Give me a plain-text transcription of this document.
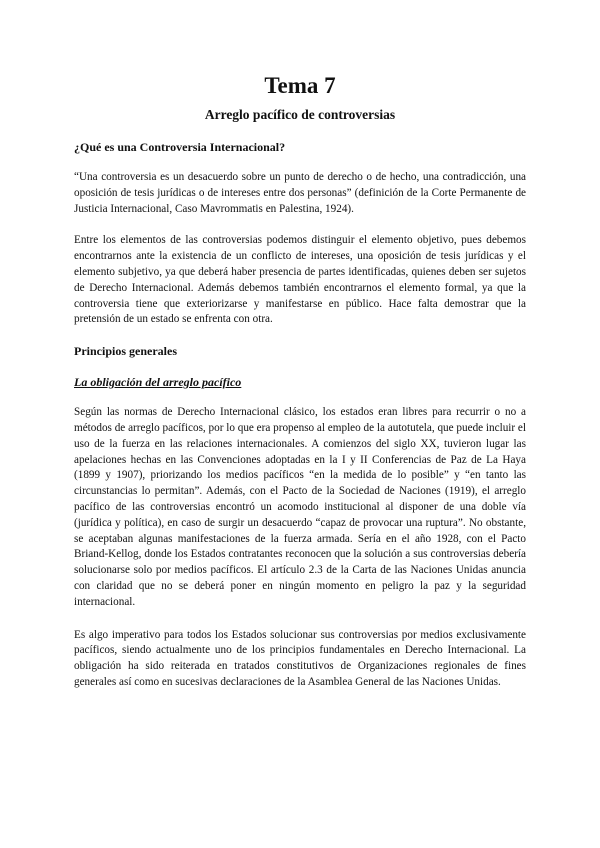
Tema 7
Arreglo pacífico de controversias
¿Qué es una Controversia Internacional?

“Una controversia es un desacuerdo sobre un punto de derecho o de hecho, una contradicción, una oposición de tesis jurídicas o de intereses entre dos personas” (definición de la Corte Permanente de Justicia Internacional, Caso Mavrommatis en Palestina, 1924).

Entre los elementos de las controversias podemos distinguir el elemento objetivo, pues debemos encontrarnos ante la existencia de un conflicto de intereses, una oposición de tesis jurídicas y el elemento subjetivo, ya que deberá haber presencia de partes identificadas, quienes deben ser sujetos de Derecho Internacional. Además debemos también encontrarnos el elemento formal, ya que la controversia tiene que exteriorizarse y manifestarse en público. Hace falta demostrar que la pretensión de un estado se enfrenta con otra.

Principios generales
La obligación del arreglo pacífico

Según las normas de Derecho Internacional clásico, los estados eran libres para recurrir o no a métodos de arreglo pacíficos, por lo que era propenso al empleo de la autotutela, que puede incluir el uso de la fuerza en las relaciones internacionales. A comienzos del siglo XX, tuvieron lugar las apelaciones hechas en las Convenciones adoptadas en la I y II Conferencias de Paz de La Haya (1899 y 1907), priorizando los medios pacíficos “en la medida de lo posible” y “en tanto las circunstancias lo permitan”. Además, con el Pacto de la Sociedad de Naciones (1919), el arreglo pacífico de las controversias encontró un acomodo institucional al disponer de una doble vía (jurídica y política), en caso de surgir un desacuerdo “capaz de provocar una ruptura”. No obstante, se aceptaban algunas manifestaciones de la fuerza armada. Sería en el año 1928, con el Pacto Briand-Kellog, donde los Estados contratantes reconocen que la solución a sus controversias debería solucionarse solo por medios pacíficos. El artículo 2.3 de la Carta de las Naciones Unidas anuncia con claridad que no se deberá poner en ningún momento en peligro la paz y la seguridad internacional.

Es algo imperativo para todos los Estados solucionar sus controversias por medios exclusivamente pacíficos, siendo actualmente uno de los principios fundamentales en Derecho Internacional. La obligación ha sido reiterada en tratados constitutivos de Organizaciones regionales de fines generales así como en sucesivas declaraciones de la Asamblea General de las Naciones Unidas.
